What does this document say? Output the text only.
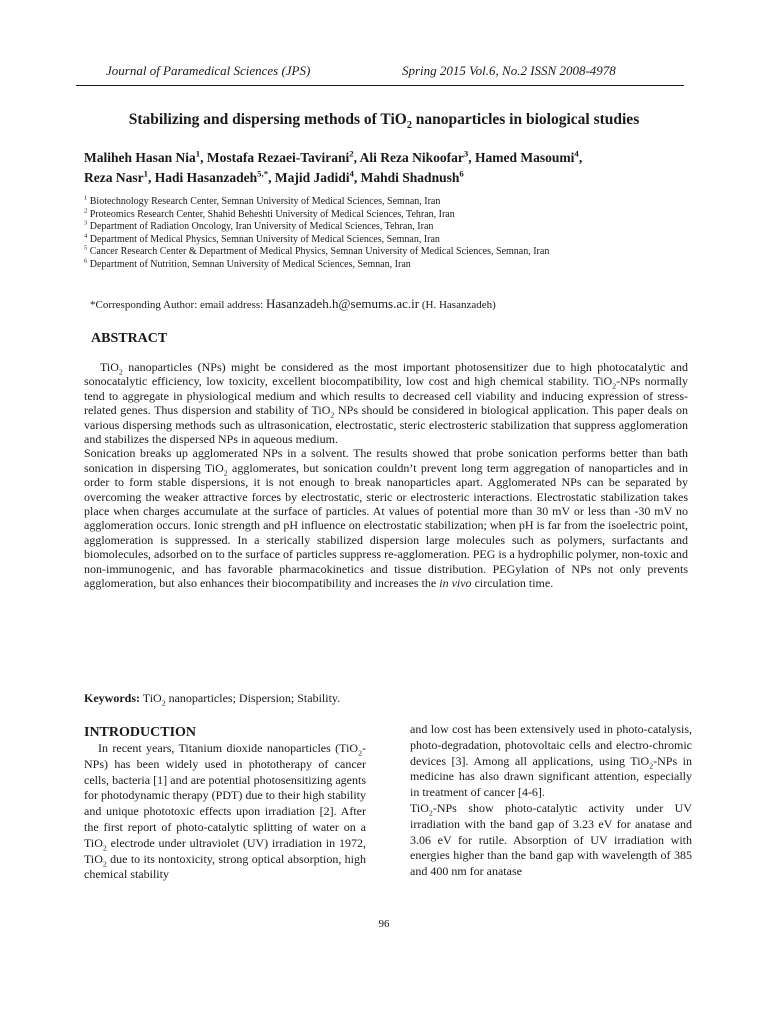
Journal of Paramedical Sciences (JPS)	Spring 2015 Vol.6, No.2 ISSN 2008-4978
Stabilizing and dispersing methods of TiO$_2$ nanoparticles in biological studies
Maliheh Hasan Nia$^1$, Mostafa Rezaei-Tavirani$^2$, Ali Reza Nikoofar$^3$, Hamed Masoumi$^4$,
Reza Nasr$^1$, Hadi Hasanzadeh$^{5,*}$, Majid Jadidi$^4$, Mahdi Shadnush$^6$
$^1$ Biotechnology Research Center, Semnan University of Medical Sciences, Semnan, Iran
$^2$ Proteomics Research Center, Shahid Beheshti University of Medical Sciences, Tehran, Iran
$^3$ Department of Radiation Oncology, Iran University of Medical Sciences, Tehran, Iran
$^4$ Department of Medical Physics, Semnan University of Medical Sciences, Semnan, Iran
$^5$ Cancer Research Center & Department of Medical Physics, Semnan University of Medical Sciences, Semnan, Iran
$^6$ Department of Nutrition, Semnan University of Medical Sciences, Semnan, Iran
*Corresponding Author: email address: Hasanzadeh.h@semums.ac.ir (H. Hasanzadeh)
ABSTRACT

TiO$_2$ nanoparticles (NPs) might be considered as the most important photosensitizer due to high photocatalytic and sonocatalytic efficiency, low toxicity, excellent biocompatibility, low cost and high chemical stability. TiO$_2$-NPs normally tend to aggregate in physiological medium and which results to decreased cell viability and inducing expression of stress-related genes. Thus dispersion and stability of TiO$_2$ NPs should be considered in biological application. This paper deals on various dispersing methods such as ultrasonication, electrostatic, steric electrosteric stabilization that suppress agglomeration and stabilizes the dispersed NPs in aqueous medium.

Sonication breaks up agglomerated NPs in a solvent. The results showed that probe sonication performs better than bath sonication in dispersing TiO$_2$ agglomerates, but sonication couldn’t prevent long term aggregation of nanoparticles and in order to form stable dispersions, it is not enough to break nanoparticles apart. Agglomerated NPs can be separated by overcoming the weaker attractive forces by electrostatic, steric or electrosteric interactions. Electrostatic stabilization takes place when charges accumulate at the surface of particles. At values of potential more than 30 mV or less than -30 mV no agglomeration occurs. Ionic strength and pH influence on electrostatic stabilization; when pH is far from the isoelectric point, agglomeration is suppressed. In a sterically stabilized dispersion large molecules such as polymers, surfactants and biomolecules, adsorbed on to the surface of particles suppress re-agglomeration. PEG is a hydrophilic polymer, non-toxic and non-immunogenic, and has favorable pharmacokinetics and tissue distribution. PEGylation of NPs not only prevents agglomeration, but also enhances their biocompatibility and increases the in vivo circulation time.

Keywords: TiO$_2$ nanoparticles; Dispersion; Stability.
INTRODUCTION

In recent years, Titanium dioxide nanoparticles (TiO$_2$-NPs) has been widely used in phototherapy of cancer cells, bacteria [1] and are potential photosensitizing agents for photodynamic therapy (PDT) due to their high stability and unique phototoxic effects upon irradiation [2]. After the first report of photo-catalytic splitting of water on a TiO$_2$ electrode under ultraviolet (UV) irradiation in 1972, TiO$_2$ due to its nontoxicity, strong optical absorption, high chemical stability

and low cost has been extensively used in photo-catalysis, photo-degradation, photovoltaic cells and electro-chromic devices [3]. Among all applications, using TiO$_2$-NPs in medicine has also drawn significant attention, especially in treatment of cancer [4-6].

TiO$_2$-NPs show photo-catalytic activity under UV irradiation with the band gap of 3.23 eV for anatase and 3.06 eV for rutile. Absorption of UV irradiation with energies higher than the band gap with wavelength of 385 and 400 nm for anatase

96
